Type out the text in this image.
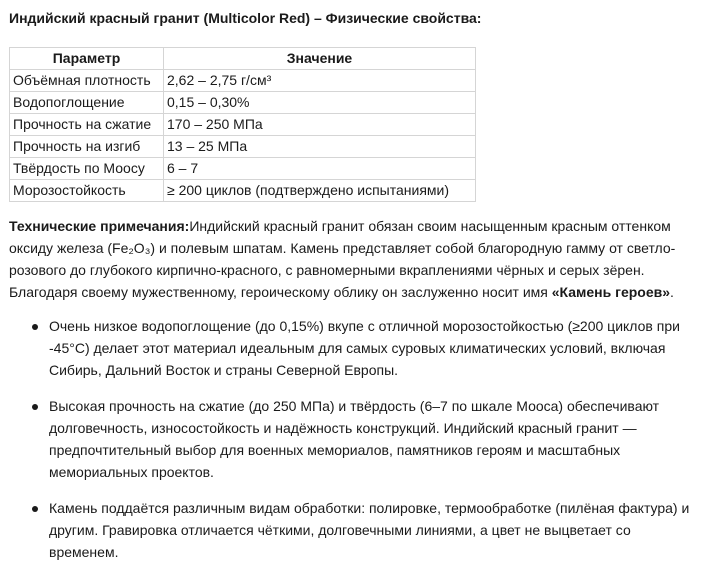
Индийский красный гранит (Multicolor Red) – Физические свойства:

Параметр	Значение
Объёмная плотность	2,62 – 2,75 г/см³
Водопоглощение	0,15 – 0,30%
Прочность на сжатие	170 – 250 МПа
Прочность на изгиб	13 – 25 МПа
Твёрдость по Моосу	6 – 7
Морозостойкость	≥ 200 циклов (подтверждено испытаниями)

Технические примечания:Индийский красный гранит обязан своим насыщенным красным оттенком оксиду железа (Fe₂O₃) и полевым шпатам. Камень представляет собой благородную гамму от светло-розового до глубокого кирпично-красного, с равномерными вкраплениями чёрных и серых зёрен. Благодаря своему мужественному, героическому облику он заслуженно носит имя «Камень героев».

Очень низкое водопоглощение (до 0,15%) вкупе с отличной морозостойкостью (≥200 циклов при -45°C) делает этот материал идеальным для самых суровых климатических условий, включая Сибирь, Дальний Восток и страны Северной Европы.
Высокая прочность на сжатие (до 250 МПа) и твёрдость (6–7 по шкале Мооса) обеспечивают долговечность, износостойкость и надёжность конструкций. Индийский красный гранит — предпочтительный выбор для военных мемориалов, памятников героям и масштабных мемориальных проектов.
Камень поддаётся различным видам обработки: полировке, термообработке (пилёная фактура) и другим. Гравировка отличается чёткими, долговечными линиями, а цвет не выцветает со временем.
